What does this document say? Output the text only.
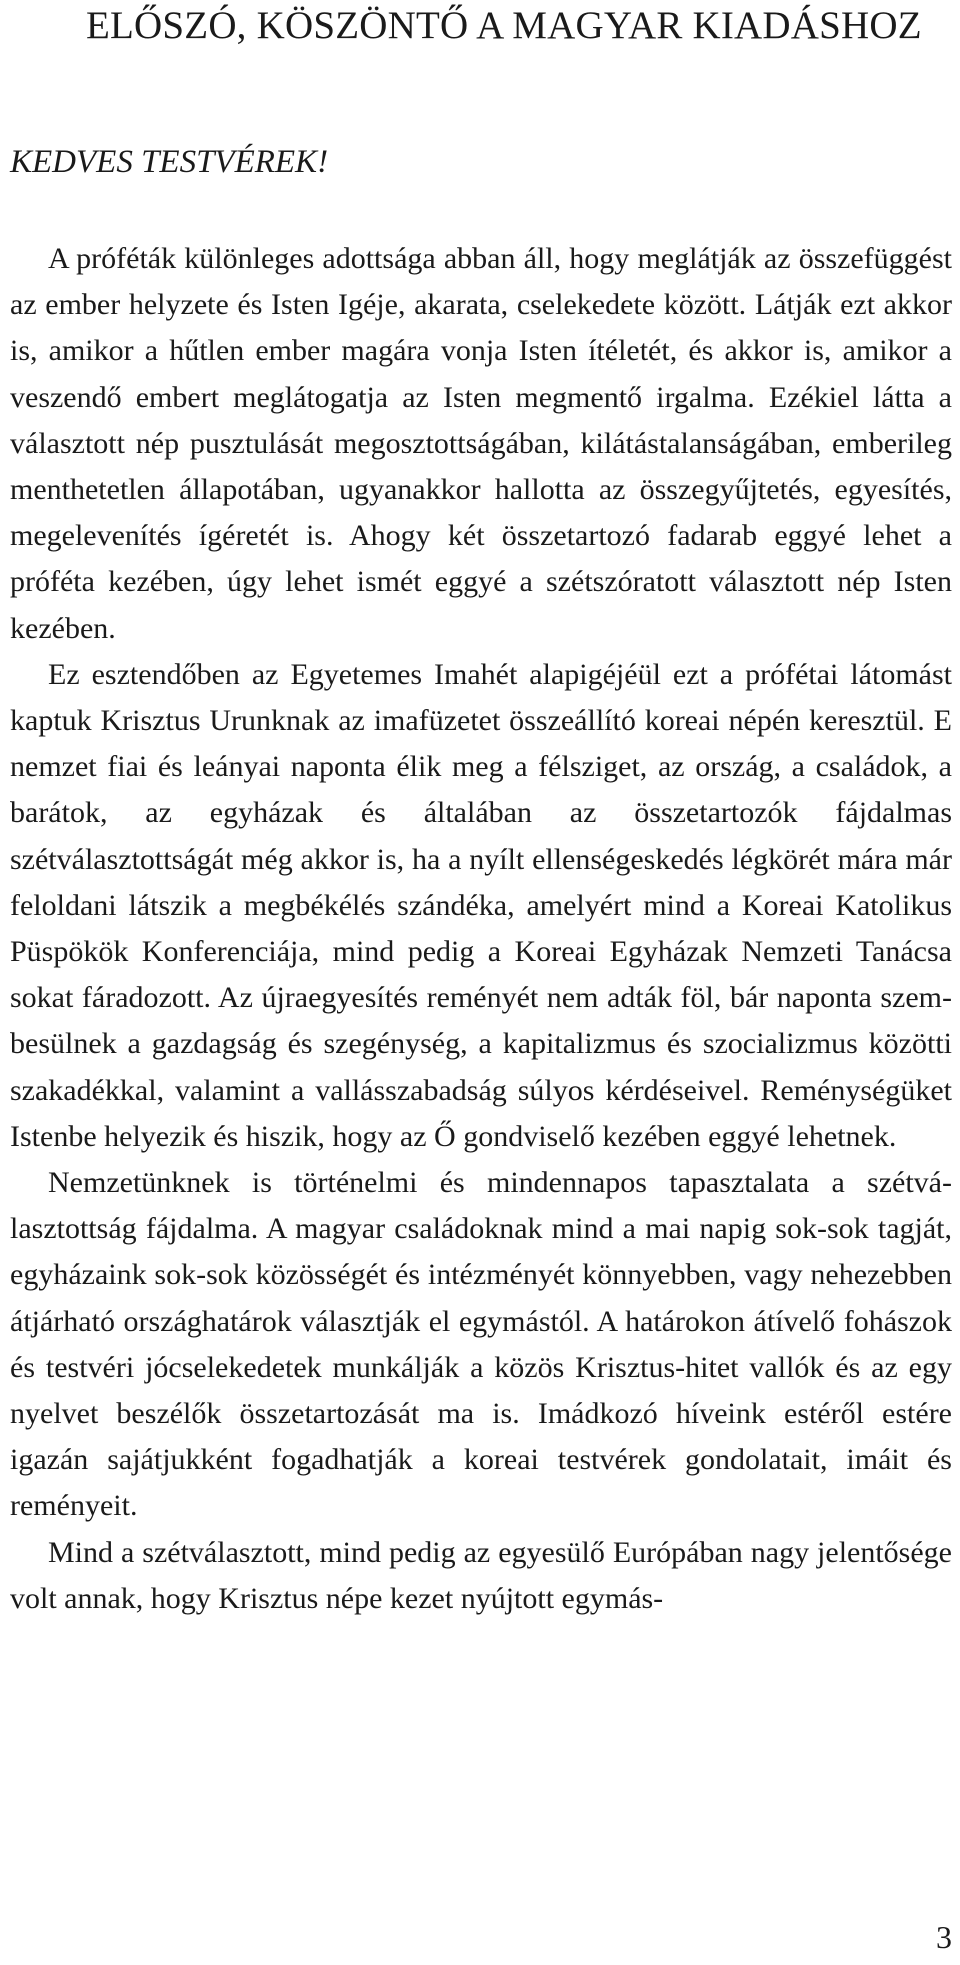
ELŐSZÓ, KÖSZÖNTŐ A MAGYAR KIADÁSHOZ

KEDVES TESTVÉREK!

A próféták különleges adottsága abban áll, hogy meglátják az összefüggést az ember helyzete és Isten Igéje, akarata, cselekedete között. Látják ezt akkor is, amikor a hűtlen ember magára vonja Isten ítéletét, és akkor is, amikor a veszendő embert meglátogatja az Isten megmentő irgalma. Ezékiel látta a választott nép pusztulását megosztottságában, kilátástalanságában, emberileg menthetetlen állapotában, ugyanakkor hallotta az összegyűjtetés, egyesítés, megelevenítés ígéretét is. Ahogy két összetartozó fadarab eggyé lehet a próféta kezében, úgy lehet ismét eggyé a szétszóratott választott nép Isten kezében.

Ez esztendőben az Egyetemes Imahét alapigéjéül ezt a prófétai látomást kaptuk Krisztus Urunknak az imafüzetet összeállító koreai népén keresztül. E nemzet fiai és leányai naponta élik meg a félsziget, az ország, a családok, a barátok, az egyházak és általában az összetartozók fájdalmas szétválasztottságát még akkor is, ha a nyílt ellenségeskedés légkörét mára már feloldani látszik a megbékélés szándéka, amelyért mind a Koreai Katolikus Püspökök Konferenciája, mind pedig a Koreai Egyházak Nemzeti Tanácsa sokat fáradozott. Az újraegyesítés reményét nem adták föl, bár naponta szembesülnek a gazdagság és szegénység, a kapitalizmus és szocializmus közötti szakadékkal, valamint a vallásszabadság súlyos kérdéseivel. Reménységüket Istenbe helyezik és hiszik, hogy az Ő gondviselő kezében eggyé lehetnek.

Nemzetünknek is történelmi és mindennapos tapasztalata a szétválasztottság fájdalma. A magyar családoknak mind a mai napig sok-sok tagját, egyházaink sok-sok közösségét és intézményét könnyebben, vagy nehezebben átjárható országhatárok választják el egymástól. A határokon átívelő fohászok és testvéri jócselekedetek munkálják a közös Krisztus-hitet vallók és az egy nyelvet beszélők összetartozását ma is. Imádkozó híveink estéről estére igazán sajátjukként fogadhatják a koreai testvérek gondolatait, imáit és reményeit.

Mind a szétválasztott, mind pedig az egyesülő Európában nagy jelentősége volt annak, hogy Krisztus népe kezet nyújtott egymás-

3
